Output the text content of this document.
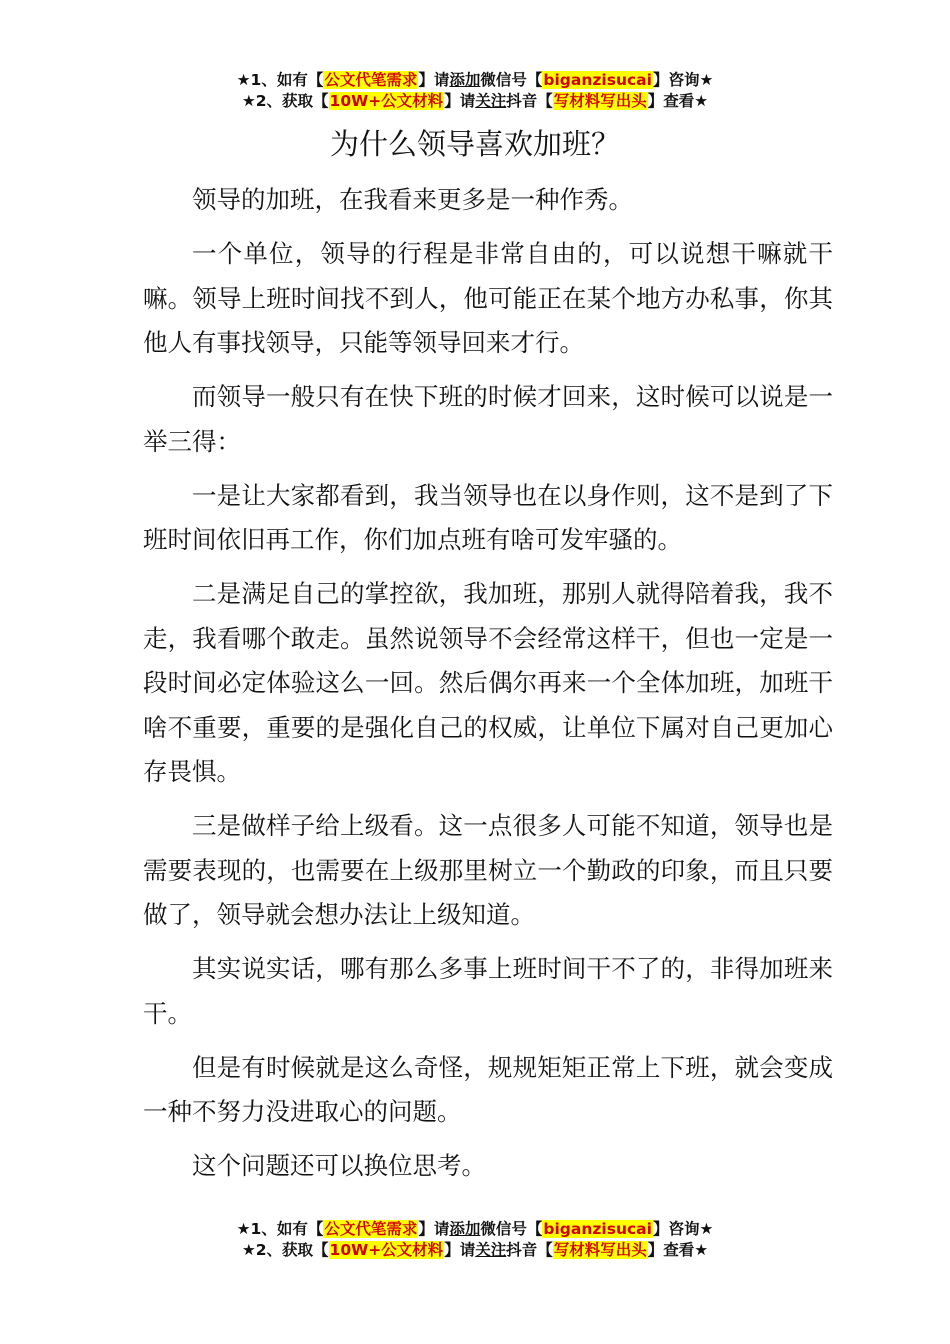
★1、如有【公文代笔需求】请添加微信号【biganzisucai】咨询★
★2、获取【10W+公文材料】请关注抖音【写材料写出头】查看★
为什么领导喜欢加班？

领导的加班，在我看来更多是一种作秀。

一个单位，领导的行程是非常自由的，可以说想干嘛就干嘛。领导上班时间找不到人，他可能正在某个地方办私事，你其他人有事找领导，只能等领导回来才行。

而领导一般只有在快下班的时候才回来，这时候可以说是一举三得：

一是让大家都看到，我当领导也在以身作则，这不是到了下班时间依旧再工作，你们加点班有啥可发牢骚的。

二是满足自己的掌控欲，我加班，那别人就得陪着我，我不走，我看哪个敢走。虽然说领导不会经常这样干，但也一定是一段时间必定体验这么一回。然后偶尔再来一个全体加班，加班干啥不重要，重要的是强化自己的权威，让单位下属对自己更加心存畏惧。

三是做样子给上级看。这一点很多人可能不知道，领导也是需要表现的，也需要在上级那里树立一个勤政的印象，而且只要做了，领导就会想办法让上级知道。

其实说实话，哪有那么多事上班时间干不了的，非得加班来干。

但是有时候就是这么奇怪，规规矩矩正常上下班，就会变成一种不努力没进取心的问题。

这个问题还可以换位思考。

★1、如有【公文代笔需求】请添加微信号【biganzisucai】咨询★
★2、获取【10W+公文材料】请关注抖音【写材料写出头】查看★
